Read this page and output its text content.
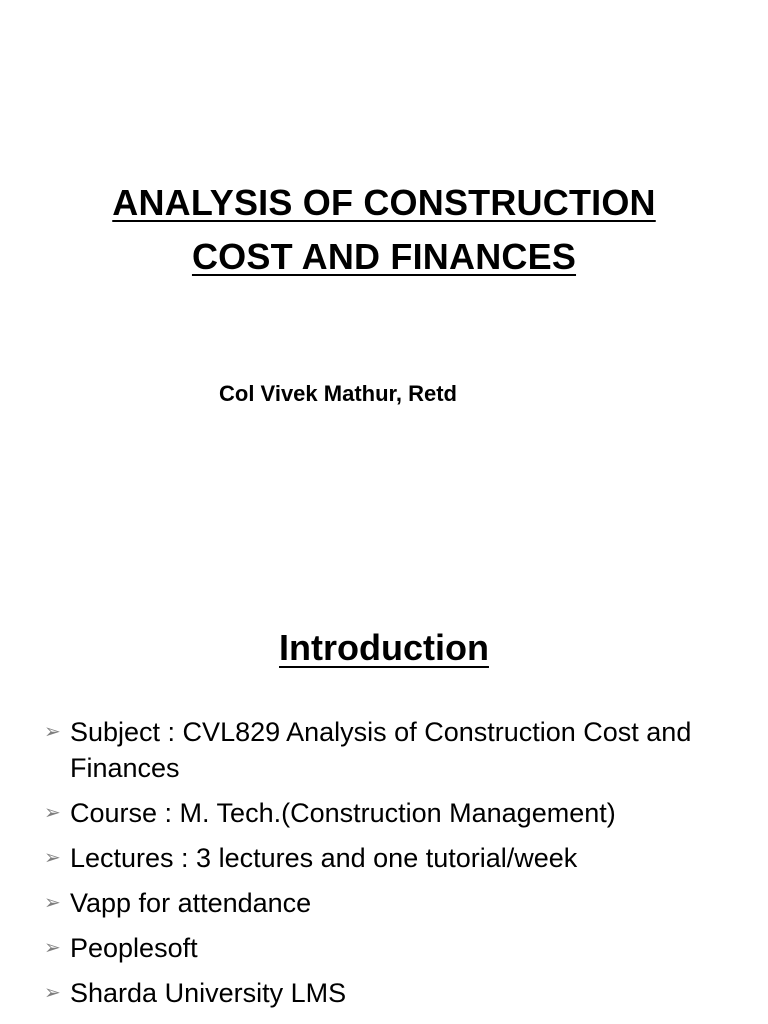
ANALYSIS OF CONSTRUCTION
COST AND FINANCES
Col Vivek Mathur, Retd
Introduction
➢ Subject : CVL829 Analysis of Construction Cost and Finances
➢ Course : M. Tech.(Construction Management)
➢ Lectures : 3 lectures and one tutorial/week
➢ Vapp for attendance
➢ Peoplesoft
➢ Sharda University LMS
